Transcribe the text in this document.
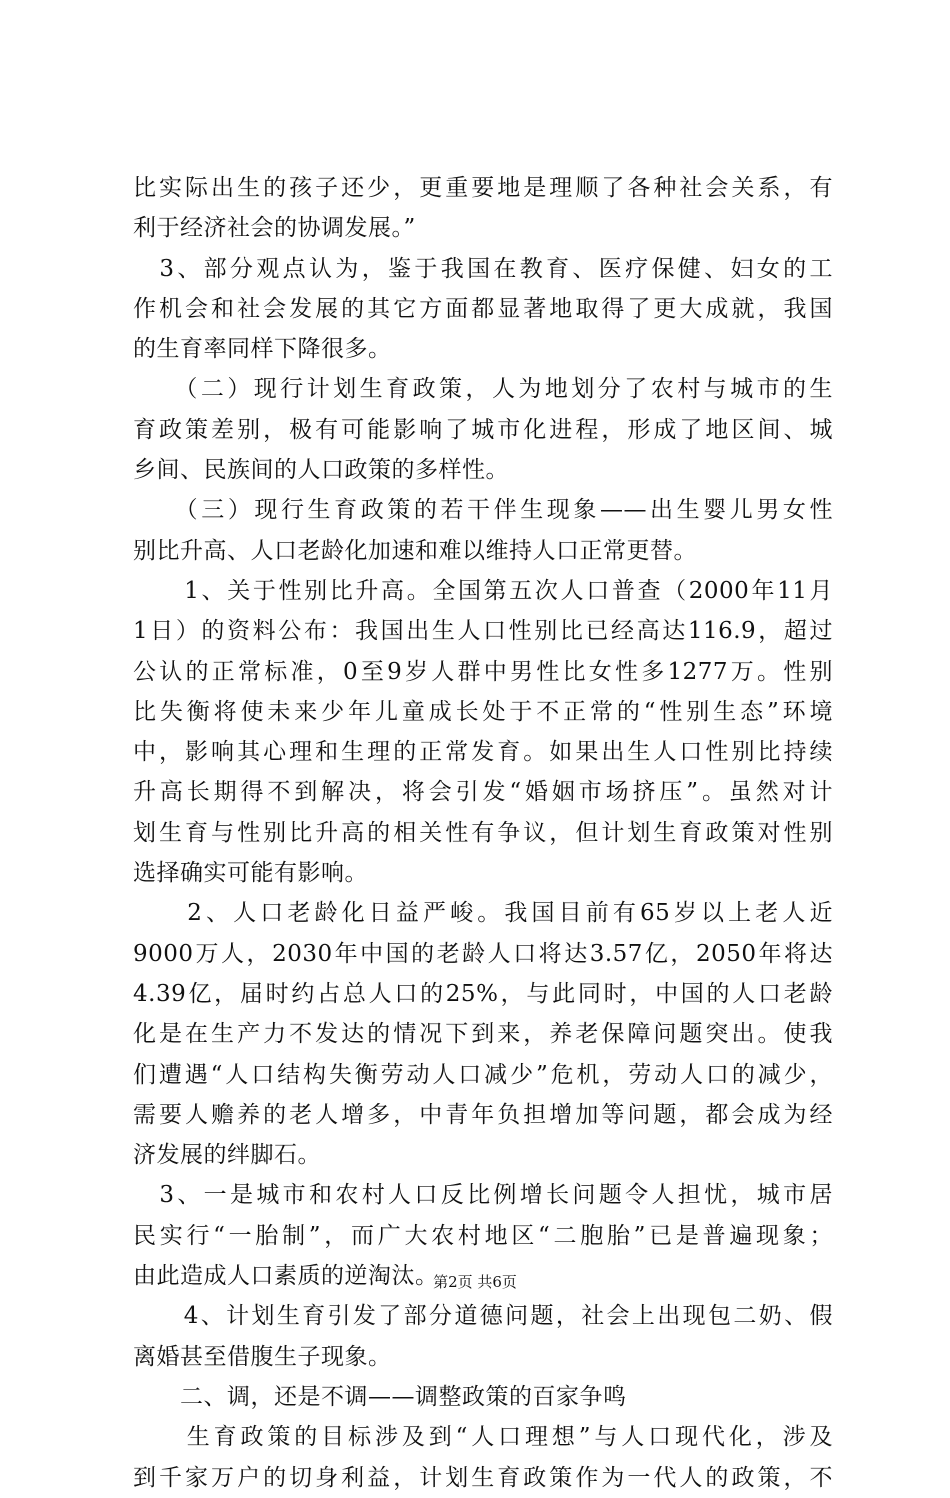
比实际出生的孩子还少，更重要地是理顺了各种社会关系，有
利于经济社会的协调发展。”
　3、部分观点认为，鉴于我国在教育、医疗保健、妇女的工
作机会和社会发展的其它方面都显著地取得了更大成就，我国
的生育率同样下降很多。
　　（二）现行计划生育政策，人为地划分了农村与城市的生
育政策差别，极有可能影响了城市化进程，形成了地区间、城
乡间、民族间的人口政策的多样性。
　　（三）现行生育政策的若干伴生现象——出生婴儿男女性
别比升高、人口老龄化加速和难以维持人口正常更替。
　　1、关于性别比升高。全国第五次人口普查（2000年11月
1日）的资料公布：我国出生人口性别比已经高达116.9，超过
公认的正常标准，0至9岁人群中男性比女性多1277万。性别
比失衡将使未来少年儿童成长处于不正常的“性别生态”环境
中，影响其心理和生理的正常发育。如果出生人口性别比持续
升高长期得不到解决，将会引发“婚姻市场挤压”。虽然对计
划生育与性别比升高的相关性有争议，但计划生育政策对性别
选择确实可能有影响。
　　2、人口老龄化日益严峻。我国目前有65岁以上老人近
9000万人，2030年中国的老龄人口将达3.57亿，2050年将达
4.39亿，届时约占总人口的25%，与此同时，中国的人口老龄
化是在生产力不发达的情况下到来，养老保障问题突出。使我
们遭遇“人口结构失衡劳动人口减少”危机，劳动人口的减少，
需要人赡养的老人增多，中青年负担增加等问题，都会成为经
济发展的绊脚石。
　3、一是城市和农村人口反比例增长问题令人担忧，城市居
民实行“一胎制”，而广大农村地区“二胞胎”已是普遍现象；
由此造成人口素质的逆淘汰。
　　4、计划生育引发了部分道德问题，社会上出现包二奶、假
离婚甚至借腹生子现象。
　　二、调，还是不调——调整政策的百家争鸣
　　生育政策的目标涉及到“人口理想”与人口现代化，涉及
到千家万户的切身利益，计划生育政策作为一代人的政策，不
第2页 共6页
